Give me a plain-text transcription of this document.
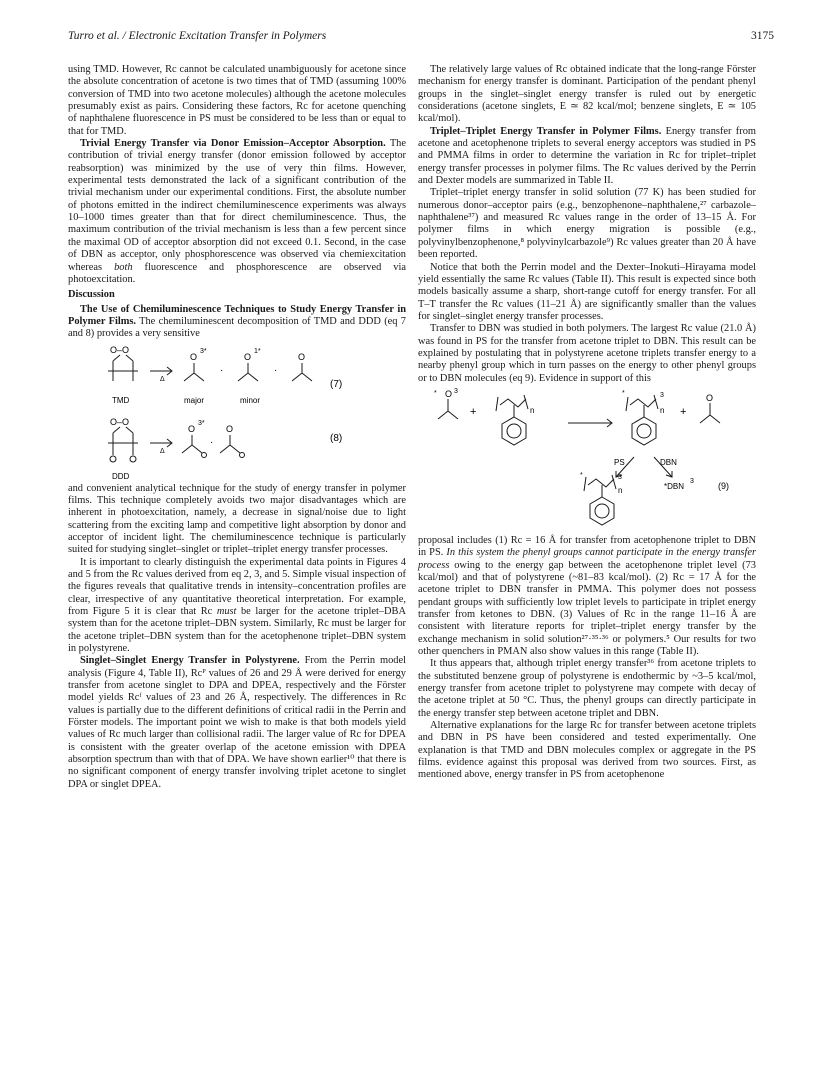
Turro et al. / Electronic Excitation Transfer in Polymers	3175

using TMD. However, Rc cannot be calculated unambiguously for acetone since the absolute concentration of acetone is two times that of TMD (assuming 100% conversion of TMD into two acetone molecules) although the acetone molecules presumably exist as pairs. Considering these factors, Rc for acetone quenching of naphthalene fluorescence in PS must be considered to be less than or equal to that for TMD.

Trivial Energy Transfer via Donor Emission–Acceptor Absorption. The contribution of trivial energy transfer (donor emission followed by acceptor reabsorption) was minimized by the use of very thin films. However, experimental tests demonstrated the lack of a significant contribution of the trivial mechanism under our experimental conditions. First, the absolute number of photons emitted in the indirect chemiluminescence experiments was always 10–1000 times greater than that for direct chemiluminescence. Thus, the maximum contribution of the trivial mechanism is less than a few percent since the maximal OD of acceptor absorption did not exceed 0.1. Second, in the case of DBN as acceptor, only phosphorescence was observed via chemiexcitation whereas both fluorescence and phosphorescence are observed via photoexcitation.

Discussion

The Use of Chemiluminescence Techniques to Study Energy Transfer in Polymer Films. The chemiluminescent decomposition of TMD and DDD (eq 7 and 8) provides a very sensitive

O–O
Δ
O
3*
·
O
1*
·
O
(7)
TMD	major	minor
O–O
Δ
O
3*
·
O
(8)
DDD

and convenient analytical technique for the study of energy transfer in polymer films. This technique completely avoids two major disadvantages which are inherent in photoexcitation, namely, a decrease in signal/noise due to light scattering from the exciting lamp and competitive light absorption by donor and acceptor of incident light. The chemiluminescence technique is particularly suited for studying singlet–singlet or triplet–triplet energy transfer processes.

It is important to clearly distinguish the experimental data points in Figures 4 and 5 from the Rc values derived from eq 2, 3, and 5. Simple visual inspection of the figures reveals that qualitative trends in intensity–concentration profiles are clear, irrespective of any quantitative theoretical interpretation. For example, from Figure 5 it is clear that Rc must be larger for the acetone triplet–DBA system than for the acetone triplet–DBN system. Similarly, Rc must be larger for the acetone triplet–DBN system than for the acetophenone triplet–DBN system in polystyrene.

Singlet–Singlet Energy Transfer in Polystyrene. From the Perrin model analysis (Figure 4, Table II), Rcᴾ values of 26 and 29 Å were derived for energy transfer from acetone singlet to DPA and DPEA, respectively and the Förster model yields Rcᶠ values of 23 and 26 Å, respectively. The differences in Rc values is partially due to the different definitions of critical radii in the Perrin and Förster models. The important point we wish to make is that both models yield values of Rc much larger than collisional radii. The larger value of Rc for DPEA is consistent with the greater overlap of the acetone emission with DPEA absorption spectrum than with that of DPA. We have shown earlier¹⁰ that there is no significant component of energy transfer involving triplet acetone to singlet DPA or singlet DPEA.

The relatively large values of Rc obtained indicate that the long-range Förster mechanism for energy transfer is dominant. Participation of the pendant phenyl groups in the singlet–singlet energy transfer is ruled out by energetic considerations (acetone singlets, E ≃ 82 kcal/mol; benzene singlets, E ≃ 105 kcal/mol).

Triplet–Triplet Energy Transfer in Polymer Films. Energy transfer from acetone and acetophenone triplets to several energy acceptors was studied in PS and PMMA films in order to determine the variation in Rc for triplet–triplet energy transfer processes in polymer films. The Rc values derived by the Perrin and Dexter models are summarized in Table II.

Triplet–triplet energy transfer in solid solution (77 K) has been studied for numerous donor–acceptor pairs (e.g., benzophenone–naphthalene,²⁷ carbazole–naphthalene³⁷) and measured Rc values range in the order of 13–15 Å. For polymer films in which energy migration is possible (e.g., polyvinylbenzophenone,⁸ polyvinylcarbazole⁹) Rc values greater than 20 Å have been reported.

Notice that both the Perrin model and the Dexter–Inokuti–Hirayama model yield essentially the same Rc values (Table II). This result is expected since both models basically assume a sharp, short-range cutoff for energy transfer. For all T–T transfer the Rc values (11–21 Å) are significantly smaller than the values for singlet–singlet energy transfer processes.

Transfer to DBN was studied in both polymers. The largest Rc value (21.0 Å) was found in PS for the transfer from acetone triplet to DBN. This result can be explained by postulating that in polystyrene acetone triplets transfer energy to a nearby phenyl group which in turn passes on the energy to other phenyl groups or to DBN molecules (eq 9). Evidence in support of this

* O 3
+	n
*	3
n +
O
PS	DBN
*	3
n	*DBN
3	(9)

proposal includes (1) Rc = 16 Å for transfer from acetophenone triplet to DBN in PS. In this system the phenyl groups cannot participate in the energy transfer process owing to the energy gap between the acetophenone triplet level (73 kcal/mol) and that of polystyrene (~81–83 kcal/mol). (2) Rc = 17 Å for the acetone triplet to DBN transfer in PMMA. This polymer does not possess pendant groups with sufficiently low triplet levels to participate in triplet energy transfer from ketones to DBN. (3) Values of Rc in the range 11–16 Å are consistent with literature reports for triplet–triplet energy transfer by the exchange mechanism in solid solution²⁷·³⁵·³⁶ or polymers.⁵ Our results for two other quenchers in PMAN also show values in this range (Table II).

It thus appears that, although triplet energy transfer³⁶ from acetone triplets to the substituted benzene group of polystyrene is endothermic by ~3–5 kcal/mol, energy transfer from acetone triplet to polystyrene may compete with decay of the acetone triplet at 50 °C. Thus, the phenyl groups can directly participate in the energy transfer step between acetone triplet and DBN.

Alternative explanations for the large Rc for transfer between acetone triplets and DBN in PS have been considered and tested experimentally. One explanation is that TMD and DBN molecules complex or aggregate in the PS films. evidence against this proposal was derived from two sources. First, as mentioned above, energy transfer in PS from acetophenone
